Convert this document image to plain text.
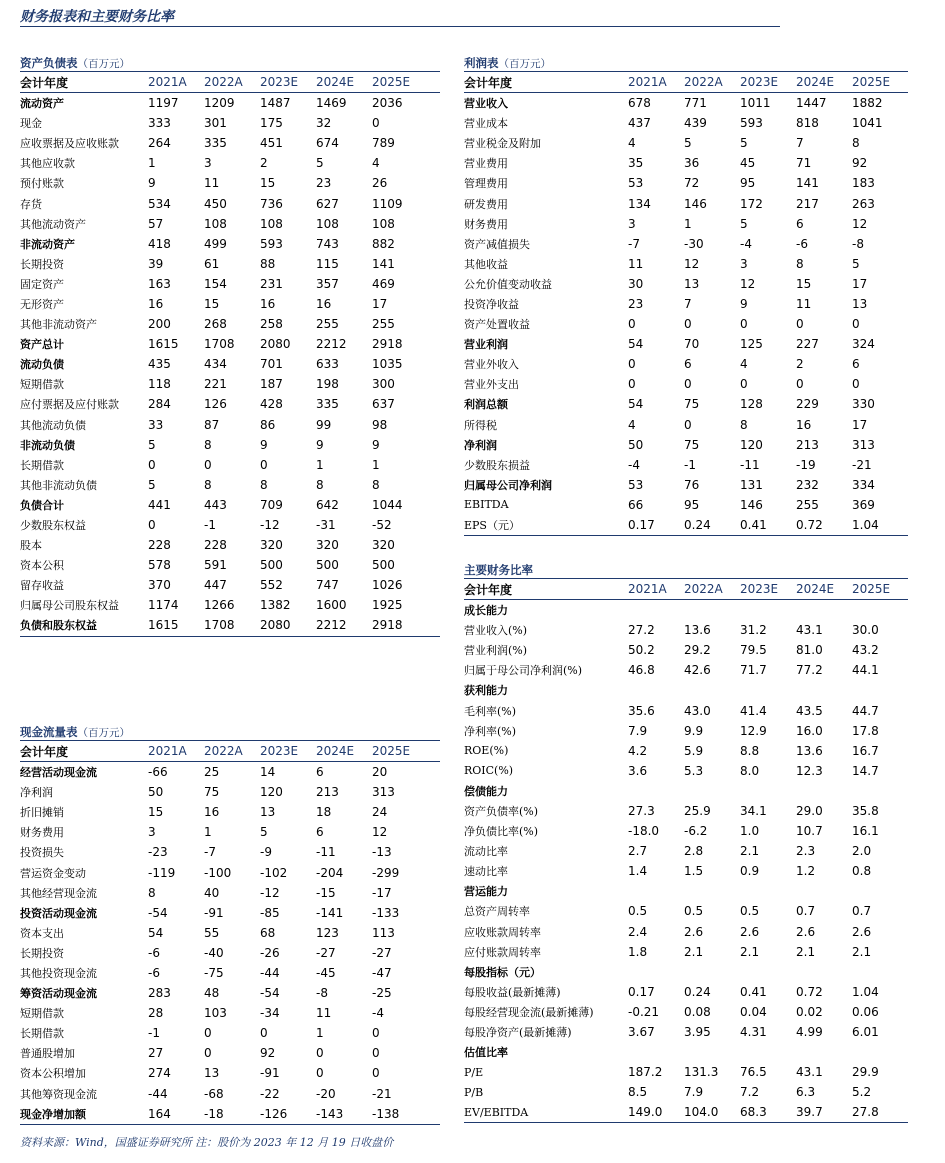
财务报表和主要财务比率
资产负债表（百万元）
会计年度	2021A	2022A	2023E	2024E	2025E
流动资产	1197	1209	1487	1469	2036
现金	333	301	175	32	0
应收票据及应收账款	264	335	451	674	789
其他应收款	1	3	2	5	4
预付账款	9	11	15	23	26
存货	534	450	736	627	1109
其他流动资产	57	108	108	108	108
非流动资产	418	499	593	743	882
长期投资	39	61	88	115	141
固定资产	163	154	231	357	469
无形资产	16	15	16	16	17
其他非流动资产	200	268	258	255	255
资产总计	1615	1708	2080	2212	2918
流动负债	435	434	701	633	1035
短期借款	118	221	187	198	300
应付票据及应付账款	284	126	428	335	637
其他流动负债	33	87	86	99	98
非流动负债	5	8	9	9	9
长期借款	0	0	0	1	1
其他非流动负债	5	8	8	8	8
负债合计	441	443	709	642	1044
少数股东权益	0	-1	-12	-31	-52
股本	228	228	320	320	320
资本公积	578	591	500	500	500
留存收益	370	447	552	747	1026
归属母公司股东权益	1174	1266	1382	1600	1925
负债和股东权益	1615	1708	2080	2212	2918
利润表（百万元）
会计年度	2021A	2022A	2023E	2024E	2025E
营业收入	678	771	1011	1447	1882
营业成本	437	439	593	818	1041
营业税金及附加	4	5	5	7	8
营业费用	35	36	45	71	92
管理费用	53	72	95	141	183
研发费用	134	146	172	217	263
财务费用	3	1	5	6	12
资产减值损失	-7	-30	-4	-6	-8
其他收益	11	12	3	8	5
公允价值变动收益	30	13	12	15	17
投资净收益	23	7	9	11	13
资产处置收益	0	0	0	0	0
营业利润	54	70	125	227	324
营业外收入	0	6	4	2	6
营业外支出	0	0	0	0	0
利润总额	54	75	128	229	330
所得税	4	0	8	16	17
净利润	50	75	120	213	313
少数股东损益	-4	-1	-11	-19	-21
归属母公司净利润	53	76	131	232	334
EBITDA	66	95	146	255	369
EPS（元）	0.17	0.24	0.41	0.72	1.04
现金流量表（百万元）
会计年度	2021A	2022A	2023E	2024E	2025E
经营活动现金流	-66	25	14	6	20
净利润	50	75	120	213	313
折旧摊销	15	16	13	18	24
财务费用	3	1	5	6	12
投资损失	-23	-7	-9	-11	-13
营运资金变动	-119	-100	-102	-204	-299
其他经营现金流	8	40	-12	-15	-17
投资活动现金流	-54	-91	-85	-141	-133
资本支出	54	55	68	123	113
长期投资	-6	-40	-26	-27	-27
其他投资现金流	-6	-75	-44	-45	-47
筹资活动现金流	283	48	-54	-8	-25
短期借款	28	103	-34	11	-4
长期借款	-1	0	0	1	0
普通股增加	27	0	92	0	0
资本公积增加	274	13	-91	0	0
其他筹资现金流	-44	-68	-22	-20	-21
现金净增加额	164	-18	-126	-143	-138
主要财务比率
会计年度	2021A	2022A	2023E	2024E	2025E
成长能力					
营业收入(%)	27.2	13.6	31.2	43.1	30.0
营业利润(%)	50.2	29.2	79.5	81.0	43.2
归属于母公司净利润(%)	46.8	42.6	71.7	77.2	44.1
获利能力					
毛利率(%)	35.6	43.0	41.4	43.5	44.7
净利率(%)	7.9	9.9	12.9	16.0	17.8
ROE(%)	4.2	5.9	8.8	13.6	16.7
ROIC(%)	3.6	5.3	8.0	12.3	14.7
偿债能力					
资产负债率(%)	27.3	25.9	34.1	29.0	35.8
净负债比率(%)	-18.0	-6.2	1.0	10.7	16.1
流动比率	2.7	2.8	2.1	2.3	2.0
速动比率	1.4	1.5	0.9	1.2	0.8
营运能力					
总资产周转率	0.5	0.5	0.5	0.7	0.7
应收账款周转率	2.4	2.6	2.6	2.6	2.6
应付账款周转率	1.8	2.1	2.1	2.1	2.1
每股指标（元）					
每股收益(最新摊薄)	0.17	0.24	0.41	0.72	1.04
每股经营现金流(最新摊薄)	-0.21	0.08	0.04	0.02	0.06
每股净资产(最新摊薄)	3.67	3.95	4.31	4.99	6.01
估值比率					
P/E	187.2	131.3	76.5	43.1	29.9
P/B	8.5	7.9	7.2	6.3	5.2
EV/EBITDA	149.0	104.0	68.3	39.7	27.8
资料来源：Wind，国盛证券研究所 注：股价为 2023 年 12 月 19 日收盘价
